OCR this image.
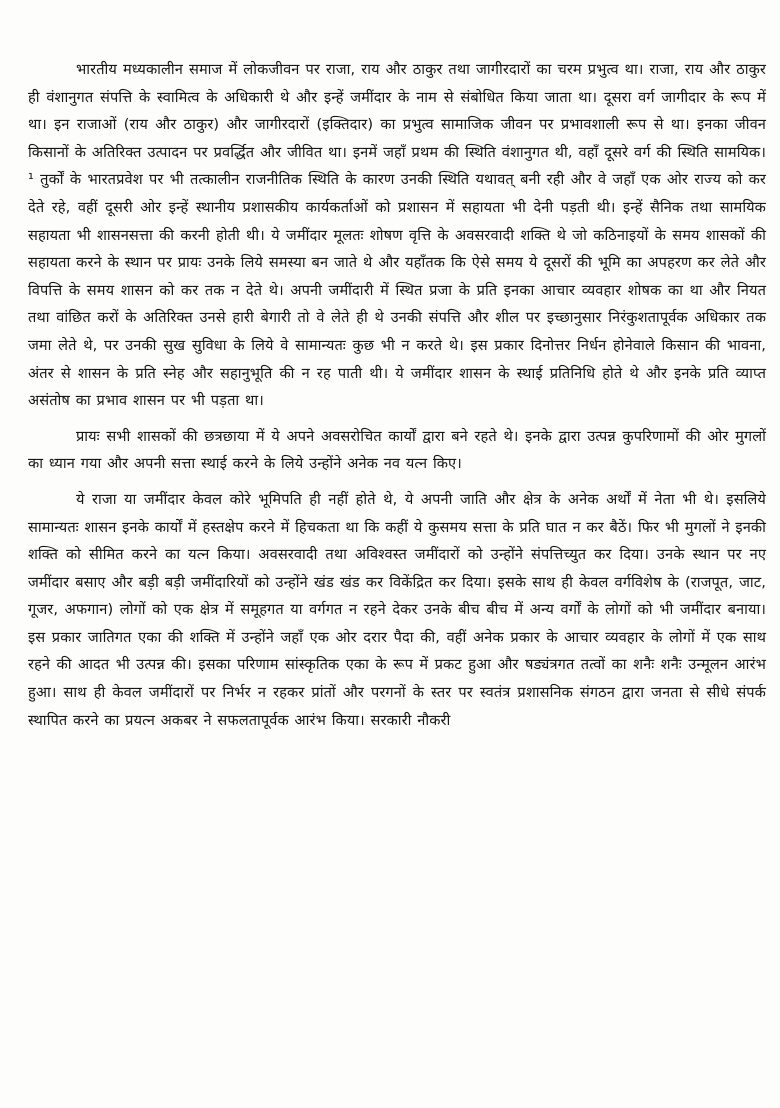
भारतीय मध्यकालीन समाज में लोकजीवन पर राजा, राय और ठाकुर तथा जागीरदारों का चरम प्रभुत्व था। राजा, राय और ठाकुर ही वंशानुगत संपत्ति के स्वामित्व के अधिकारी थे और इन्हें जमींदार के नाम से संबोधित किया जाता था। दूसरा वर्ग जागीदार के रूप में था। इन राजाओं (राय और ठाकुर) और जागीरदारों (इक्तिदार) का प्रभुत्व सामाजिक जीवन पर प्रभावशाली रूप से था। इनका जीवन किसानों के अतिरिक्त उत्पादन पर प्रवर्द्धित और जीवित था। इनमें जहाँ प्रथम की स्थिति वंशानुगत थी, वहाँ दूसरे वर्ग की स्थिति सामयिक।¹ तुर्कों के भारतप्रवेश पर भी तत्कालीन राजनीतिक स्थिति के कारण उनकी स्थिति यथावत् बनी रही और वे जहाँ एक ओर राज्य को कर देते रहे, वहीं दूसरी ओर इन्हें स्थानीय प्रशासकीय कार्यकर्ताओं को प्रशासन में सहायता भी देनी पड़ती थी। इन्हें सैनिक तथा सामयिक सहायता भी शासनसत्ता की करनी होती थी। ये जमींदार मूलतः शोषण वृत्ति के अवसरवादी शक्ति थे जो कठिनाइयों के समय शासकों की सहायता करने के स्थान पर प्रायः उनके लिये समस्या बन जाते थे और यहाँतक कि ऐसे समय ये दूसरों की भूमि का अपहरण कर लेते और विपत्ति के समय शासन को कर तक न देते थे। अपनी जमींदारी में स्थित प्रजा के प्रति इनका आचार व्यवहार शोषक का था और नियत तथा वांछित करों के अतिरिक्त उनसे हारी बेगारी तो वे लेते ही थे उनकी संपत्ति और शील पर इच्छानुसार निरंकुशतापूर्वक अधिकार तक जमा लेते थे, पर उनकी सुख सुविधा के लिये वे सामान्यतः कुछ भी न करते थे। इस प्रकार दिनोत्तर निर्धन होनेवाले किसान की भावना, अंतर से शासन के प्रति स्नेह और सहानुभूति की न रह पाती थी। ये जमींदार शासन के स्थाई प्रतिनिधि होते थे और इनके प्रति व्याप्त असंतोष का प्रभाव शासन पर भी पड़ता था।

प्रायः सभी शासकों की छत्रछाया में ये अपने अवसरोचित कार्यों द्वारा बने रहते थे। इनके द्वारा उत्पन्न कुपरिणामों की ओर मुगलों का ध्यान गया और अपनी सत्ता स्थाई करने के लिये उन्होंने अनेक नव यत्न किए।

ये राजा या जमींदार केवल कोरे भूमिपति ही नहीं होते थे, ये अपनी जाति और क्षेत्र के अनेक अर्थों में नेता भी थे। इसलिये सामान्यतः शासन इनके कार्यों में हस्तक्षेप करने में हिचकता था कि कहीं ये कुसमय सत्ता के प्रति घात न कर बैठें। फिर भी मुगलों ने इनकी शक्ति को सीमित करने का यत्न किया। अवसरवादी तथा अविश्वस्त जमींदारों को उन्होंने संपत्तिच्युत कर दिया। उनके स्थान पर नए जमींदार बसाए और बड़ी बड़ी जमींदारियों को उन्होंने खंड खंड कर विकेंद्रित कर दिया। इसके साथ ही केवल वर्गविशेष के (राजपूत, जाट, गूजर, अफगान) लोगों को एक क्षेत्र में समूहगत या वर्गगत न रहने देकर उनके बीच बीच में अन्य वर्गों के लोगों को भी जमींदार बनाया। इस प्रकार जातिगत एका की शक्ति में उन्होंने जहाँ एक ओर दरार पैदा की, वहीं अनेक प्रकार के आचार व्यवहार के लोगों में एक साथ रहने की आदत भी उत्पन्न की। इसका परिणाम सांस्कृतिक एका के रूप में प्रकट हुआ और षड्यंत्रगत तत्वों का शनैः शनैः उन्मूलन आरंभ हुआ। साथ ही केवल जमींदारों पर निर्भर न रहकर प्रांतों और परगनों के स्तर पर स्वतंत्र प्रशासनिक संगठन द्वारा जनता से सीधे संपर्क स्थापित करने का प्रयत्न अकबर ने सफलतापूर्वक आरंभ किया। सरकारी नौकरी
